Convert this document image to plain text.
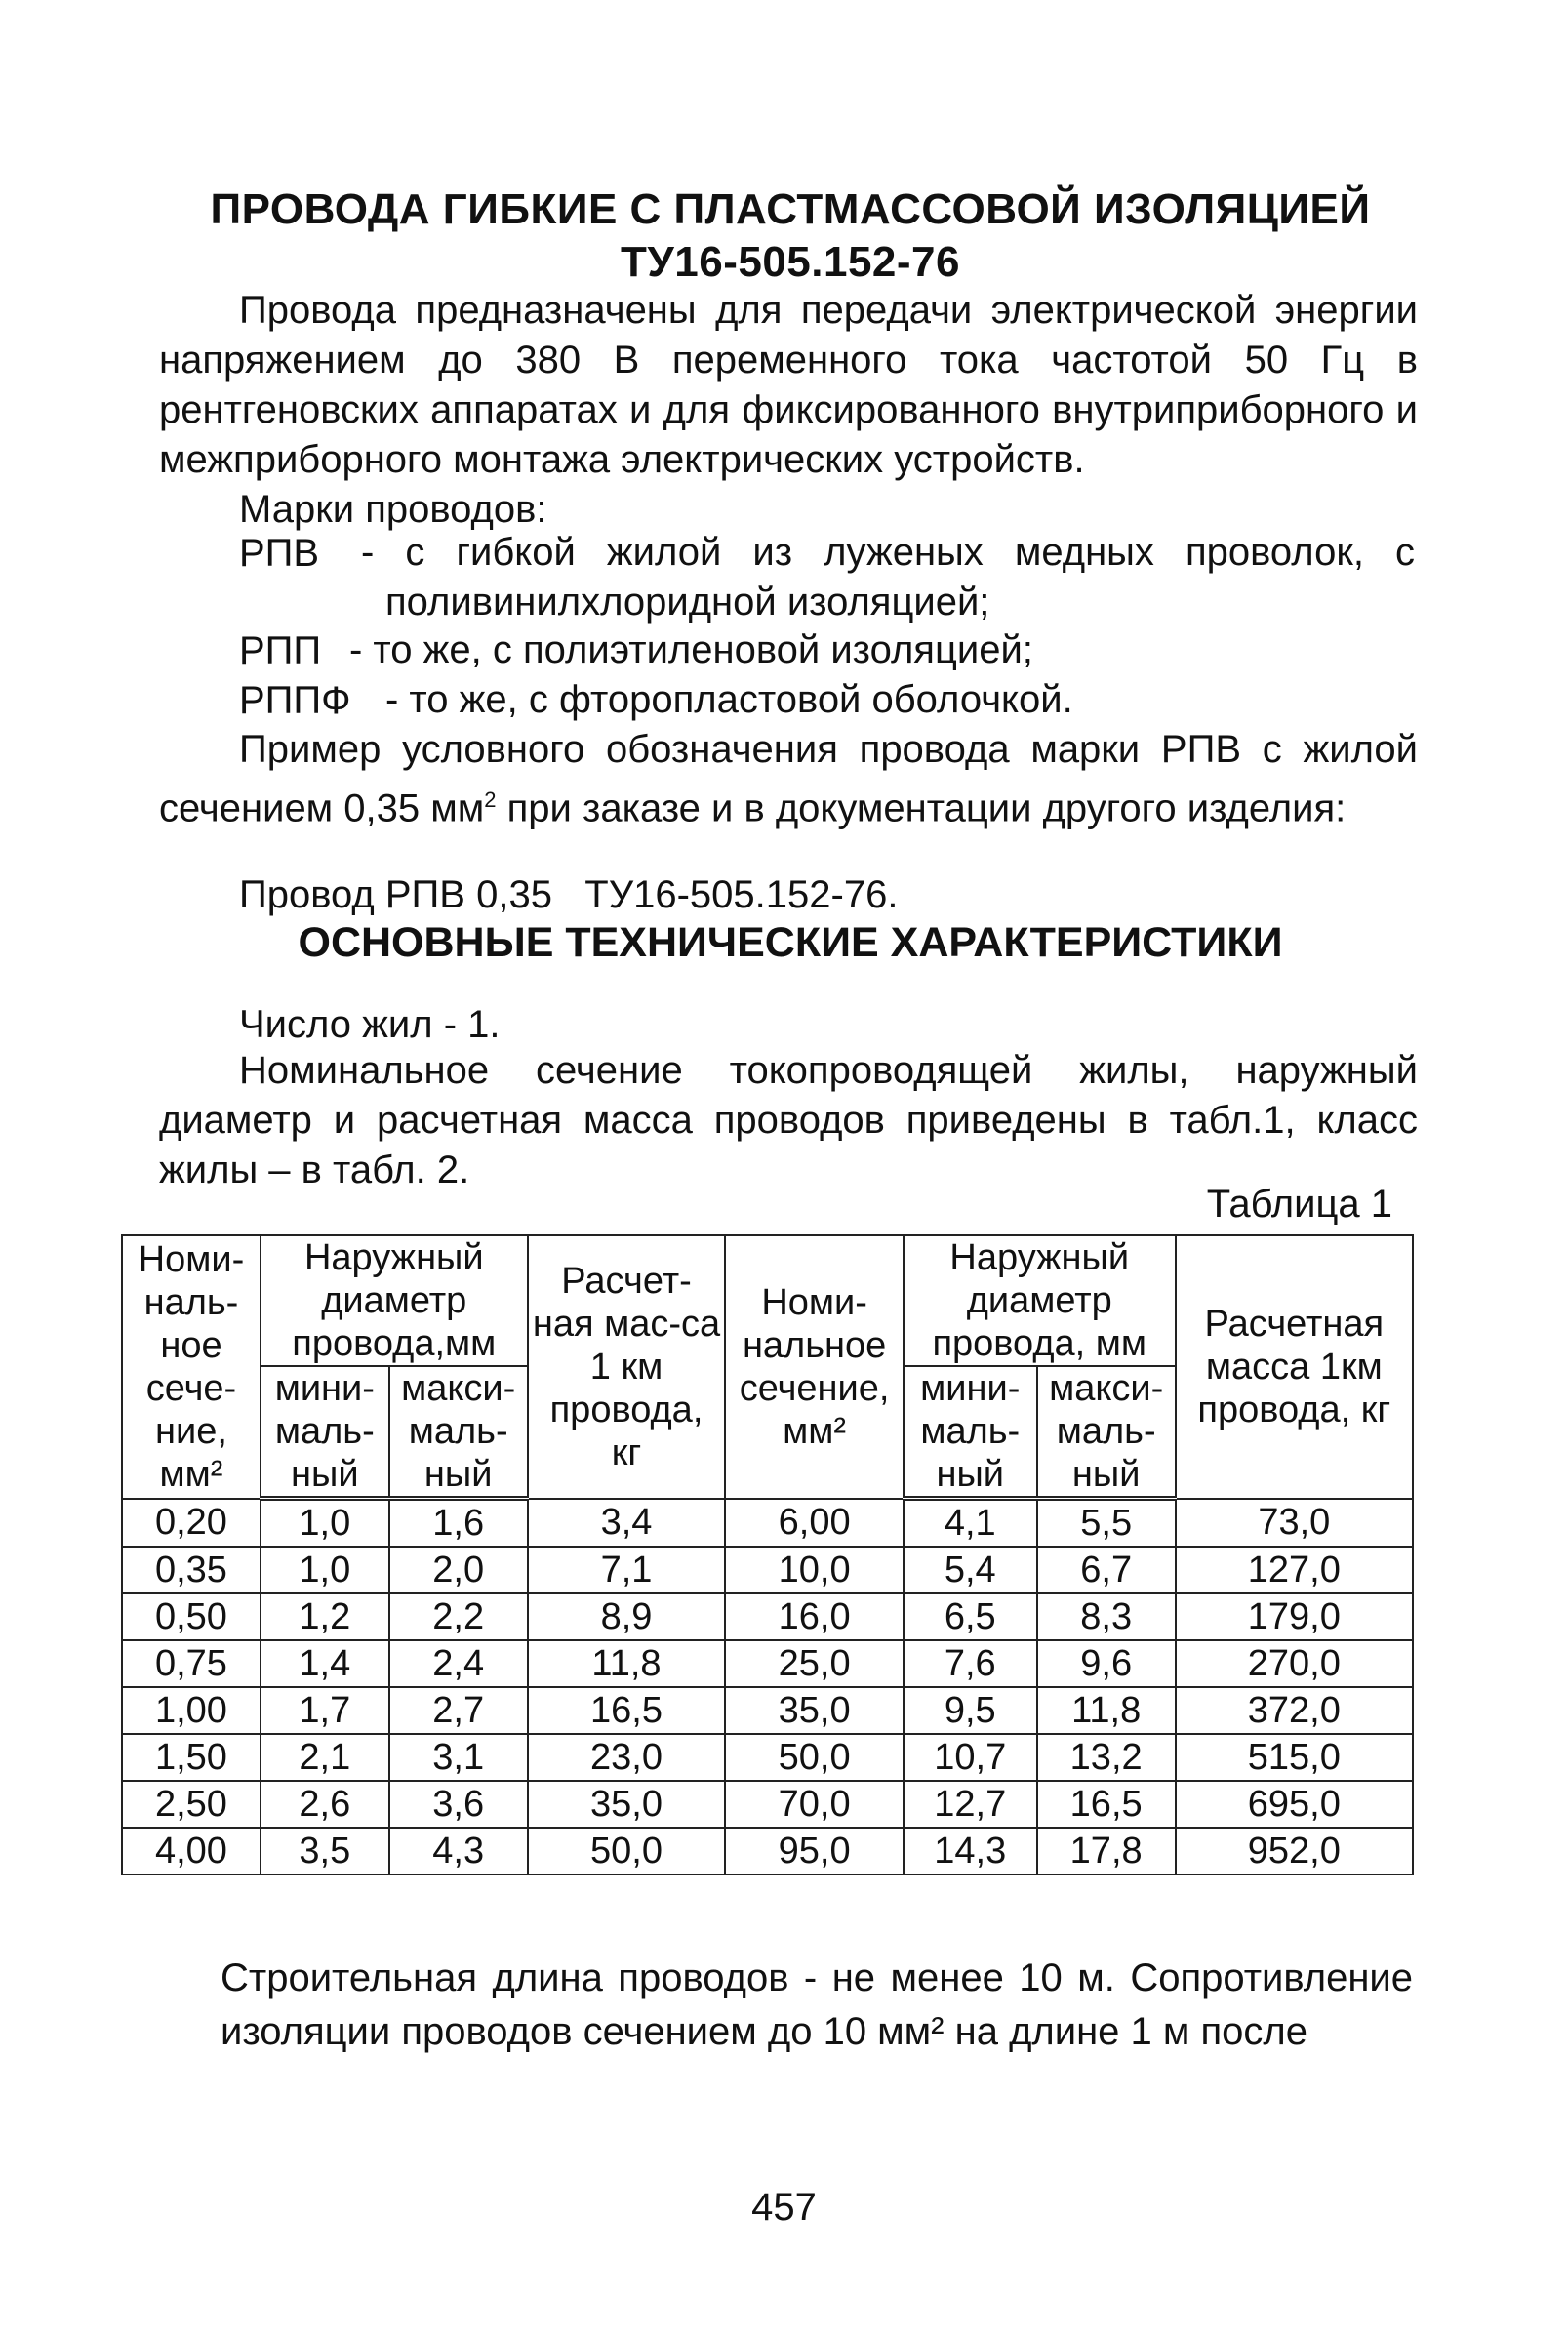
ПРОВОДА ГИБКИЕ С ПЛАСТМАССОВОЙ ИЗОЛЯЦИЕЙ
ТУ16-505.152-76
Провода предназначены для передачи электрической энергии напряжением до 380 В переменного тока частотой 50 Гц в рентгеновских аппаратах и для фиксированного внутриприборного и межприборного монтажа электрических устройств.
Марки проводов:
РПВ - с гибкой жилой из луженых медных проволок, с
поливинилхлоридной изоляцией;
РПП - то же, с полиэтиленовой изоляцией;
РППФ - то же, с фторопластовой оболочкой.
Пример условного обозначения провода марки РПВ с жилой сечением 0,35 $мм^2$ при заказе и в документации другого изделия:
Провод РПВ 0,35   ТУ16-505.152-76.
ОСНОВНЫЕ ТЕХНИЧЕСКИЕ ХАРАКТЕРИСТИКИ
Число жил - 1.
Номинальное сечение токопроводящей жилы, наружный диаметр и расчетная масса проводов приведены в табл.1, класс жилы – в табл. 2.
Таблица 1
Номи-наль-ное сече-ние, мм²	Наружный диаметр провода,мм		Расчет-ная мас-са 1 км провода, кг	Номи-нальное сечение, мм²	Наружный диаметр провода, мм		Расчетная масса 1км провода, кг
	мини-маль-ный	макси-маль-ный			мини-маль-ный	макси-маль-ный	
0,20	1,0	1,6	3,4	6,00	4,1	5,5	73,0
0,35	1,0	2,0	7,1	10,0	5,4	6,7	127,0
0,50	1,2	2,2	8,9	16,0	6,5	8,3	179,0
0,75	1,4	2,4	11,8	25,0	7,6	9,6	270,0
1,00	1,7	2,7	16,5	35,0	9,5	11,8	372,0
1,50	2,1	3,1	23,0	50,0	10,7	13,2	515,0
2,50	2,6	3,6	35,0	70,0	12,7	16,5	695,0
4,00	3,5	4,3	50,0	95,0	14,3	17,8	952,0
Строительная длина проводов - не менее 10 м. Сопротивление изоляции проводов сечением до 10 мм² на длине 1 м после
457
